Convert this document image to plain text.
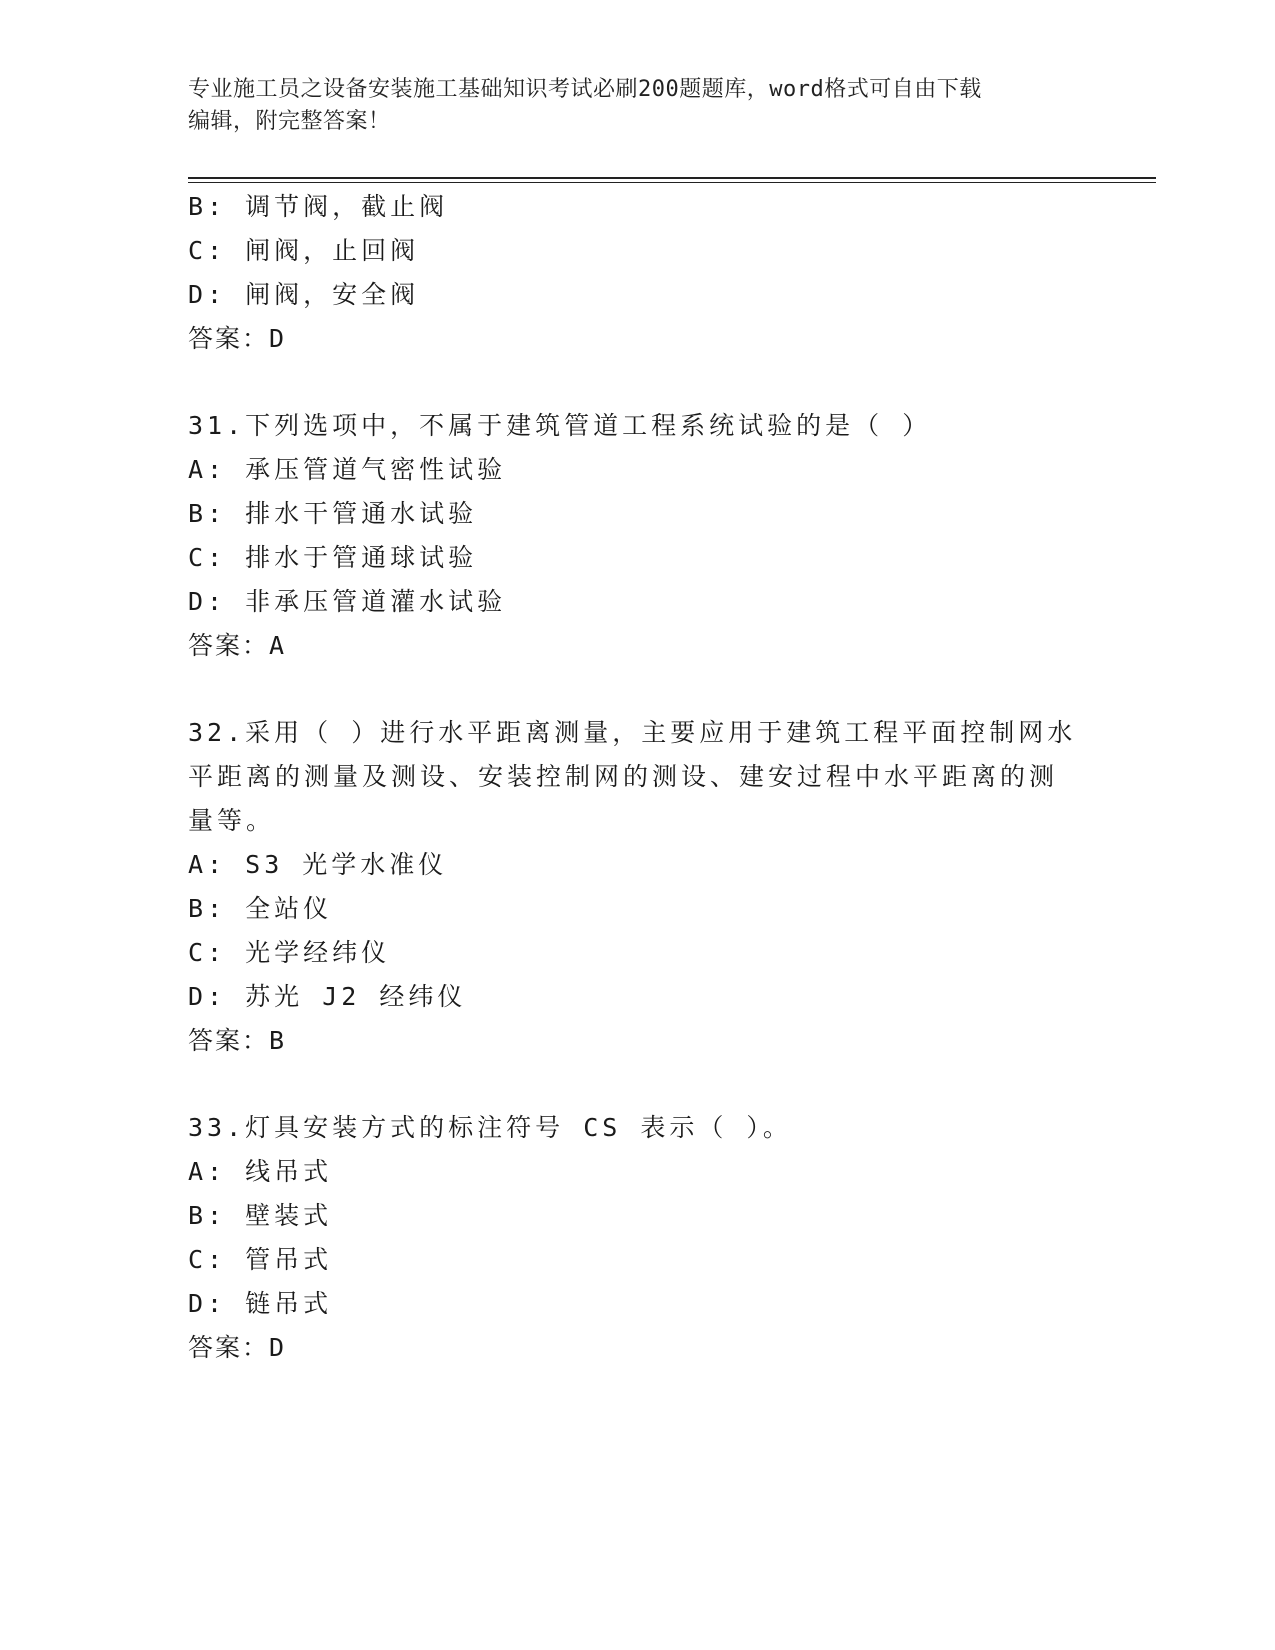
专业施工员之设备安装施工基础知识考试必刷200题题库，word格式可自由下载
编辑，附完整答案！
B: 调节阀，截止阀
C: 闸阀，止回阀
D: 闸阀，安全阀
答案：D
31.下列选项中，不属于建筑管道工程系统试验的是（ ）
A: 承压管道气密性试验
B: 排水干管通水试验
C: 排水于管通球试验
D: 非承压管道灌水试验
答案：A
32.采用（ ）进行水平距离测量，主要应用于建筑工程平面控制网水
平距离的测量及测设、安装控制网的测设、建安过程中水平距离的测
量等。
A: S3 光学水准仪
B: 全站仪
C: 光学经纬仪
D: 苏光 J2 经纬仪
答案：B
33.灯具安装方式的标注符号 CS 表示（ ）。
A: 线吊式
B: 壁装式
C: 管吊式
D: 链吊式
答案：D
